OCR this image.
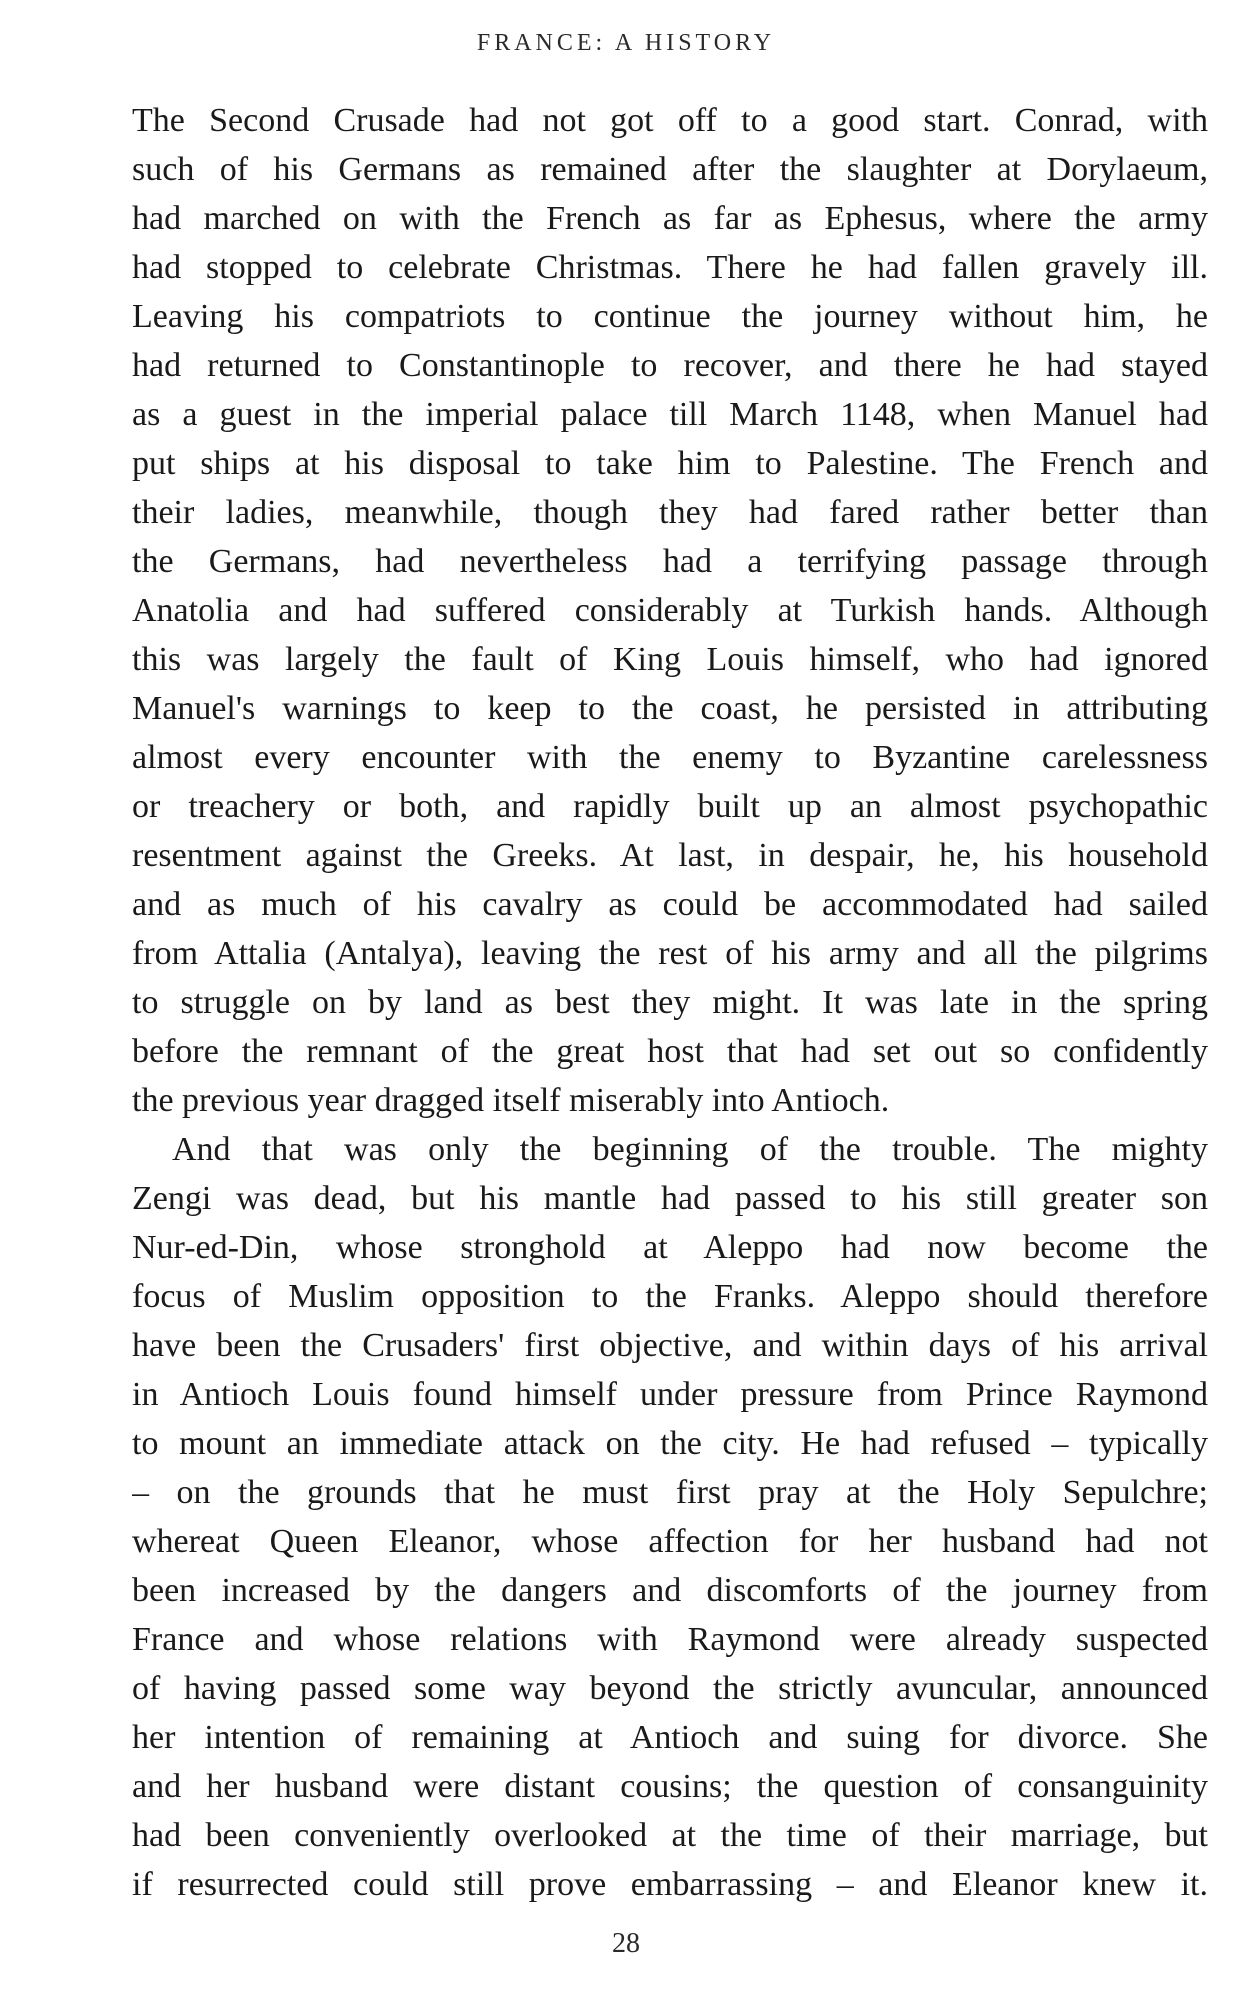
FRANCE: A HISTORY
The Second Crusade had not got off to a good start. Conrad, with
such of his Germans as remained after the slaughter at Dorylaeum,
had marched on with the French as far as Ephesus, where the army
had stopped to celebrate Christmas. There he had fallen gravely ill.
Leaving his compatriots to continue the journey without him, he
had returned to Constantinople to recover, and there he had stayed
as a guest in the imperial palace till March 1148, when Manuel had
put ships at his disposal to take him to Palestine. The French and
their ladies, meanwhile, though they had fared rather better than
the Germans, had nevertheless had a terrifying passage through
Anatolia and had suffered considerably at Turkish hands. Although
this was largely the fault of King Louis himself, who had ignored
Manuel's warnings to keep to the coast, he persisted in attributing
almost every encounter with the enemy to Byzantine carelessness
or treachery or both, and rapidly built up an almost psychopathic
resentment against the Greeks. At last, in despair, he, his household
and as much of his cavalry as could be accommodated had sailed
from Attalia (Antalya), leaving the rest of his army and all the pilgrims
to struggle on by land as best they might. It was late in the spring
before the remnant of the great host that had set out so confidently
the previous year dragged itself miserably into Antioch.
And that was only the beginning of the trouble. The mighty
Zengi was dead, but his mantle had passed to his still greater son
Nur-ed-Din, whose stronghold at Aleppo had now become the
focus of Muslim opposition to the Franks. Aleppo should therefore
have been the Crusaders' first objective, and within days of his arrival
in Antioch Louis found himself under pressure from Prince Raymond
to mount an immediate attack on the city. He had refused – typically
– on the grounds that he must first pray at the Holy Sepulchre;
whereat Queen Eleanor, whose affection for her husband had not
been increased by the dangers and discomforts of the journey from
France and whose relations with Raymond were already suspected
of having passed some way beyond the strictly avuncular, announced
her intention of remaining at Antioch and suing for divorce. She
and her husband were distant cousins; the question of consanguinity
had been conveniently overlooked at the time of their marriage, but
if resurrected could still prove embarrassing – and Eleanor knew it.
28
